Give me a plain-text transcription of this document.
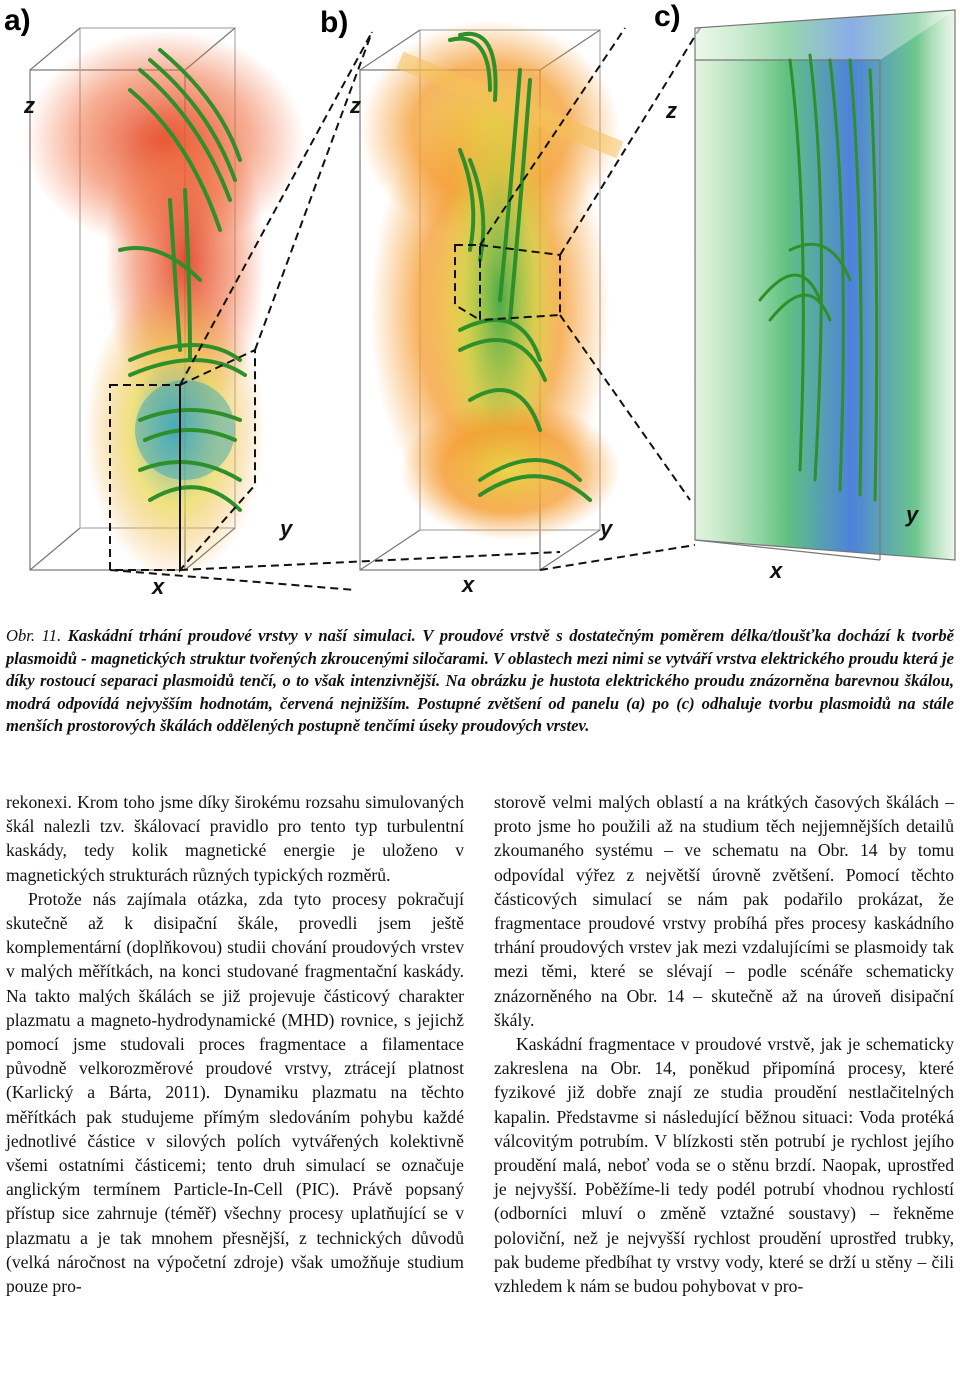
a)	b)	c)
z
x
y
z
x
y
z
x
y
Obr. 11. Kaskádní trhání proudové vrstvy v naší simulaci. V proudové vrstvě s dostatečným poměrem délka/tloušťka dochází k tvorbě plasmoidů - magnetických struktur tvořených zkroucenými siločarami. V oblastech mezi nimi se vytváří vrstva elektrického proudu která je díky rostoucí separaci plasmoidů tenčí, o to však intenzivnější. Na obrázku je hustota elektrického proudu znázorněna barevnou škálou, modrá odpovídá nejvyšším hodnotám, červená nejnižším. Postupné zvětšení od panelu (a) po (c) odhaluje tvorbu plasmoidů na stále menších prostorových škálách oddělených postupně tenčími úseky proudových vrstev.

rekonexi. Krom toho jsme díky širokému rozsahu simulovaných škál nalezli tzv. škálovací pravidlo pro tento typ turbulentní kaskády, tedy kolik magnetické energie je uloženo v magnetických strukturách různých typických rozměrů.

Protože nás zajímala otázka, zda tyto procesy pokračují skutečně až k disipační škále, provedli jsem ještě komplementární (doplňkovou) studii chování proudových vrstev v malých měřítkách, na konci studované fragmentační kaskády. Na takto malých škálách se již projevuje částicový charakter plazmatu a magneto-hydrodynamické (MHD) rovnice, s jejichž pomocí jsme studovali proces fragmentace a filamentace původně velkorozměrové proudové vrstvy, ztrácejí platnost (Karlický a Bárta, 2011). Dynamiku plazmatu na těchto měřítkách pak studujeme přímým sledováním pohybu každé jednotlivé částice v silových polích vytvářených kolektivně všemi ostatními částicemi; tento druh simulací se označuje anglickým termínem Particle-In-Cell (PIC). Právě popsaný přístup sice zahrnuje (téměř) všechny procesy uplatňující se v plazmatu a je tak mnohem přesnější, z technických důvodů (velká náročnost na výpočetní zdroje) však umožňuje studium pouze pro-

storově velmi malých oblastí a na krátkých časových škálách – proto jsme ho použili až na studium těch nejjemnějších detailů zkoumaného systému – ve schematu na Obr. 14 by tomu odpovídal výřez z největší úrovně zvětšení. Pomocí těchto částicových simulací se nám pak podařilo prokázat, že fragmentace proudové vrstvy probíhá přes procesy kaskádního trhání proudových vrstev jak mezi vzdalujícími se plasmoidy tak mezi těmi, které se slévají – podle scénáře schematicky znázorněného na Obr. 14 – skutečně až na úroveň disipační škály.

Kaskádní fragmentace v proudové vrstvě, jak je schematicky zakreslena na Obr. 14, poněkud připomíná procesy, které fyzikové již dobře znají ze studia proudění nestlačitelných kapalin. Představme si následující běžnou situaci: Voda protéká válcovitým potrubím. V blízkosti stěn potrubí je rychlost jejího proudění malá, neboť voda se o stěnu brzdí. Naopak, uprostřed je nejvyšší. Poběžíme-li tedy podél potrubí vhodnou rychlostí (odborníci mluví o změně vztažné soustavy) – řekněme poloviční, než je nejvyšší rychlost proudění uprostřed trubky, pak budeme předbíhat ty vrstvy vody, které se drží u stěny – čili vzhledem k nám se budou pohybovat v pro-
